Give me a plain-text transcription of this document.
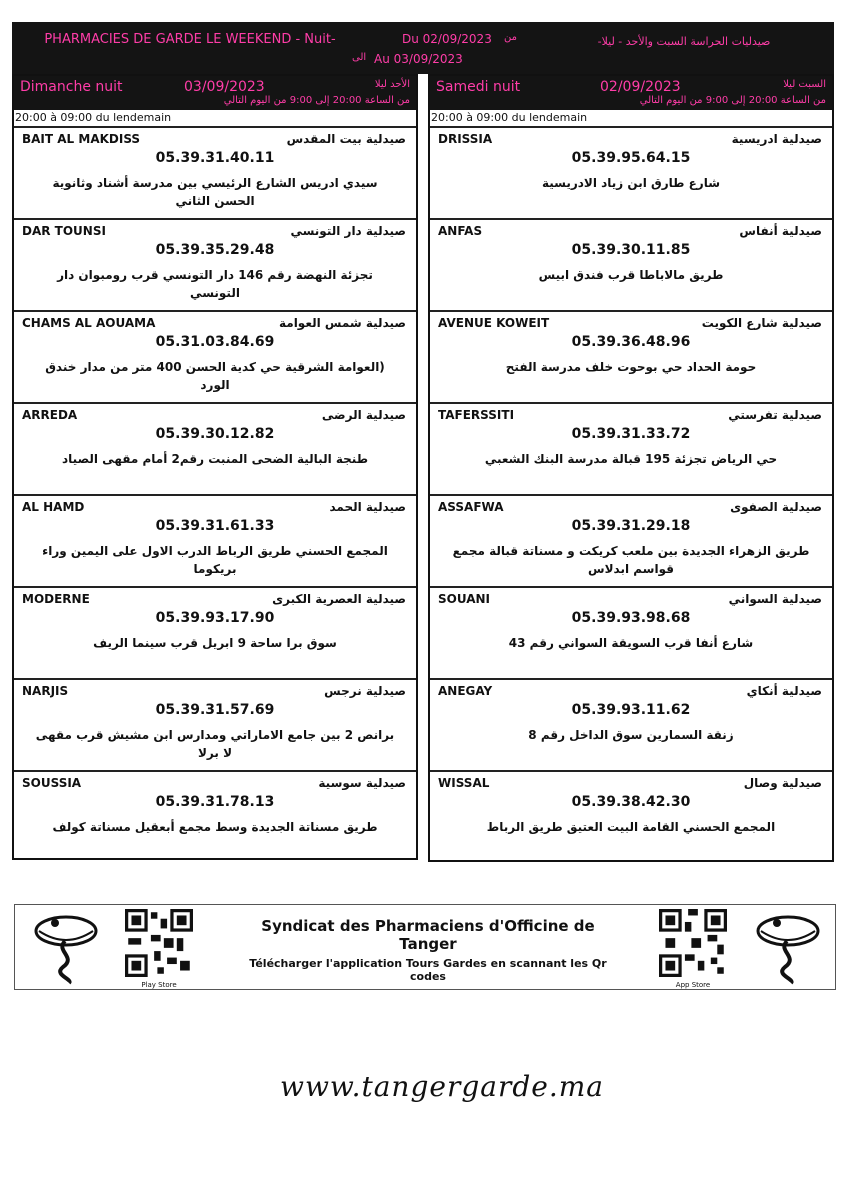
PHARMACIES DE GARDE LE WEEKEND - Nuit-	Du 02/09/2023 من
Au 03/09/2023
الى
صيدليات الحراسة السبت والأحد - ليلا-
Dimanche nuit	03/09/2023	الأحد ليلا
من الساعة 20:00 إلى 9:00 من اليوم التالي
20:00 à 09:00 du lendemain
BAIT AL MAKDISS	صيدلية بيت المقدس
05.39.31.40.11
سيدي ادريس الشارع الرئيسي بين مدرسة أشناد وثانوية الحسن الثاني
DAR TOUNSI	صيدلية دار التونسي
05.39.35.29.48
تجزئة النهضة رقم 146 دار التونسي قرب رومبوان دار التونسي
CHAMS AL AOUAMA	صيدلية شمس العوامة
05.31.03.84.69
(العوامة الشرقية حي كدية الحسن 400 متر من مدار خندق الورد
ARREDA	صيدلية الرضى
05.39.30.12.82
طنجة البالية الضحى المنبت رقم2 أمام مقهى الصياد
AL HAMD	صيدلية الحمد
05.39.31.61.33
المجمع الحسني طريق الرباط الدرب الاول على اليمين وراء بريكوما
MODERNE	صيدلية العصرية الكبرى
05.39.93.17.90
سوق برا ساحة 9 ابريل قرب سينما الريف
NARJIS	صيدلية نرجس
05.39.31.57.69
برانص 2 بين جامع الاماراتي ومدارس ابن مشيش قرب مقهى لا برلا
SOUSSIA	صيدلية سوسية
05.39.31.78.13
طريق مسناتة الجديدة وسط مجمع أبعقيل مسناتة كولف
Samedi nuit	02/09/2023	السبت ليلا
من الساعة 20:00 إلى 9:00 من اليوم التالي
20:00 à 09:00 du lendemain
DRISSIA	صيدلية ادريسية
05.39.95.64.15
شارع طارق ابن زياد الادريسية
ANFAS	صيدلية أنفاس
05.39.30.11.85
طريق مالاباطا قرب فندق ابيس
AVENUE KOWEIT	صيدلية شارع الكويت
05.39.36.48.96
حومة الحداد حي بوحوت خلف مدرسة الفتح
TAFERSSITI	صيدلية تفرستي
05.39.31.33.72
حي الرياض تجزئة 195 قبالة مدرسة البنك الشعبي
ASSAFWA	صيدلية الصفوى
05.39.31.29.18
طريق الزهراء الجديدة بين ملعب كريكت و مسناتة قبالة مجمع قواسم ابدلاس
SOUANI	صيدلية السواني
05.39.93.98.68
شارع أنفا قرب السويقة السواني رقم 43
ANEGAY	صيدلية أنكاي
05.39.93.11.62
زنقة السمارين سوق الداخل رقم 8
WISSAL	صيدلية وصال
05.39.38.42.30
المجمع الحسني القامة البيت العتيق طريق الرباط
Play Store
Syndicat des Pharmaciens d'Officine de Tanger
Télécharger l'application Tours Gardes en scannant les Qr codes
App Store
www.tangergarde.ma
